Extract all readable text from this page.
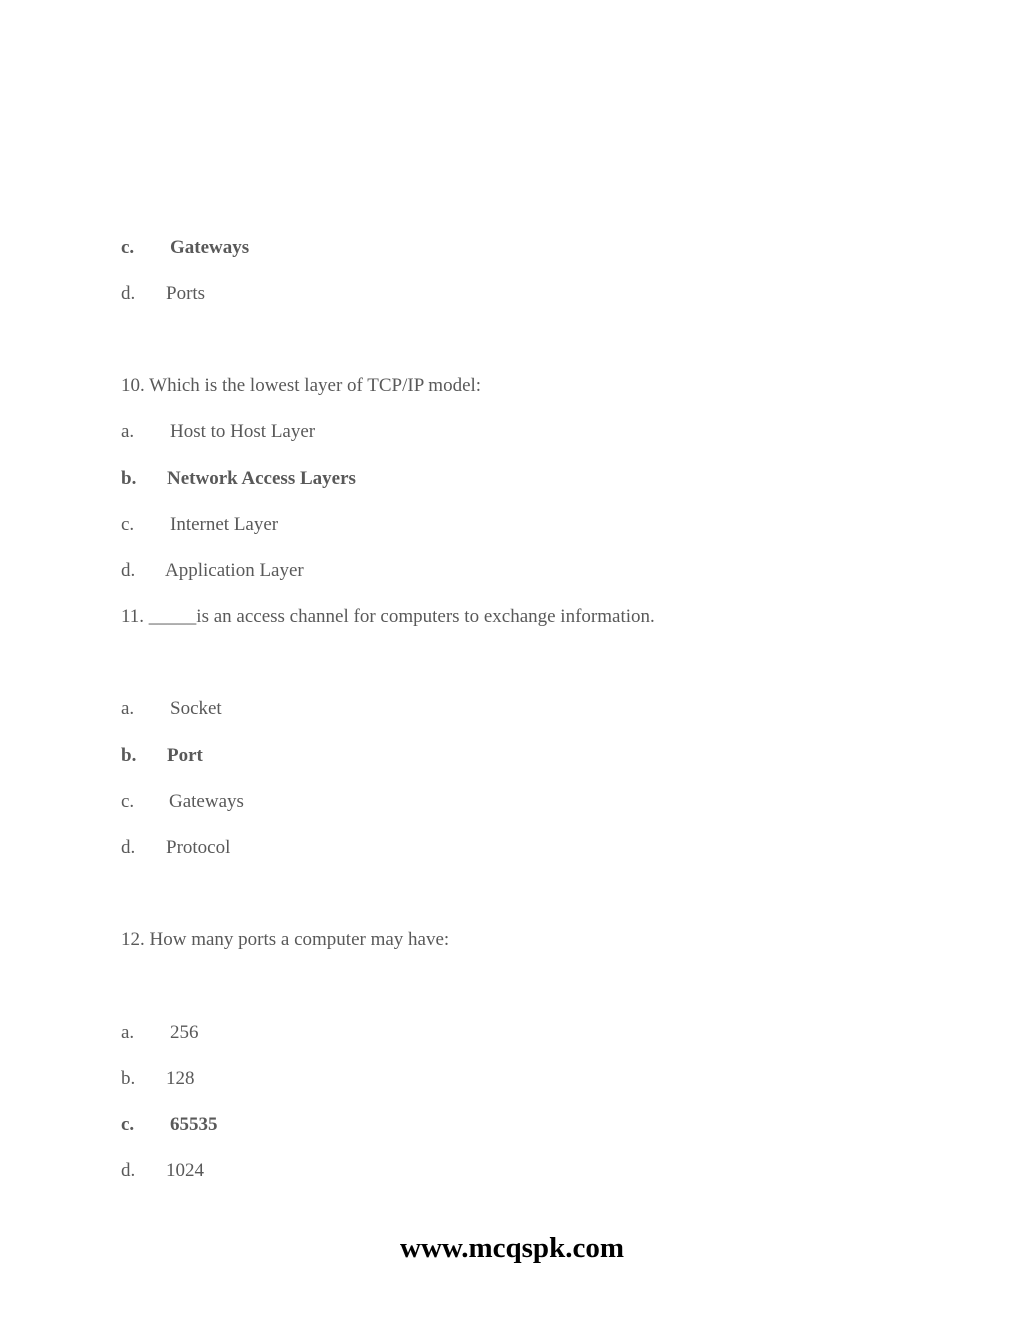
c. Gateways
d. Ports
10. Which is the lowest layer of TCP/IP model:
a. Host to Host Layer
b. Network Access Layers
c. Internet Layer
d. Application Layer
11. _____is an access channel for computers to exchange information.
a. Socket
b. Port
c. Gateways
d. Protocol
12. How many ports a computer may have:
a. 256
b. 128
c. 65535
d. 1024
www.mcqspk.com
